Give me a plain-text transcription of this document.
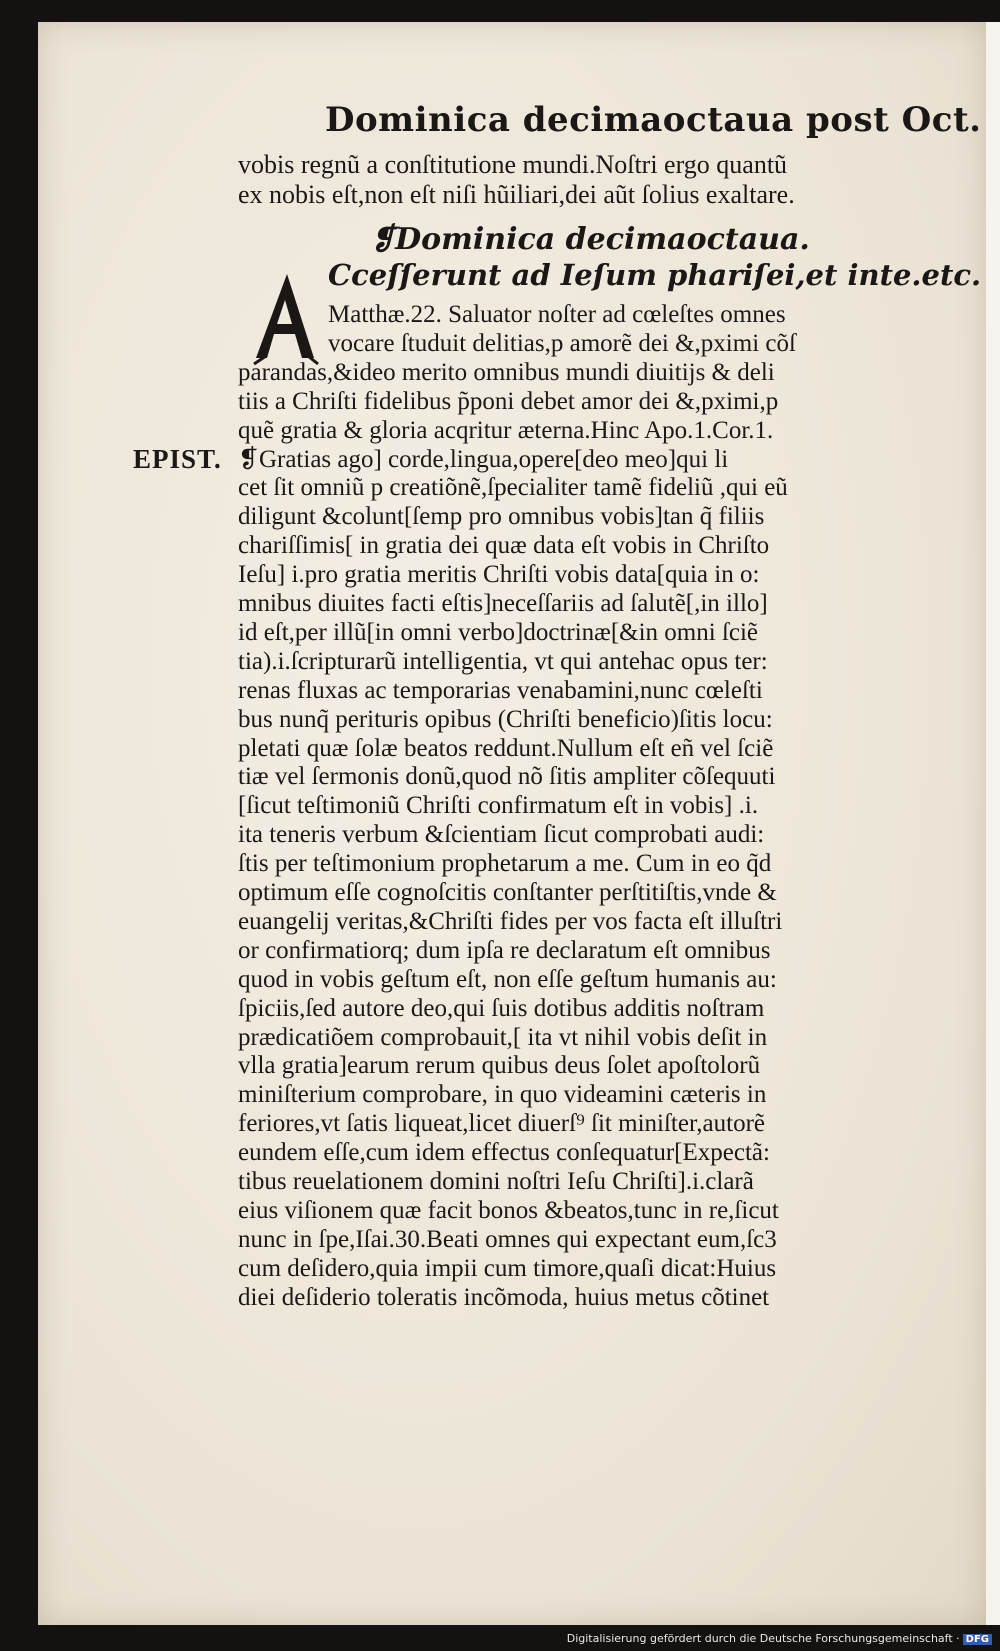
Dominica decimaoctaua post Oct.
vobis regnũ a conſtitutione mundi.Noſtri ergo quantũ
ex nobis eſt,non eſt niſi hũiliari,dei aũt ſolius exaltare.
❡Dominica decimaoctaua.
Cceſſerunt ad Ieſum phariſei,et inte.etc.
A
EPIST.
Matthæ.22. Saluator noſter ad cœleſtes omnes
vocare ſtuduit delitias,p amorẽ dei &,pximi cõſ
parandas,&ideo merito omnibus mundi diuitijs & deli
tiis a Chriſti fidelibus p̃poni debet amor dei &,pximi,p
quẽ gratia & gloria acqritur æterna.Hinc Apo.1.Cor.1.
❡Gratias ago] corde,lingua,opere[deo meo]qui li
cet ſit omniũ p creatiõnẽ,ſpecialiter tamẽ fideliũ ,qui eũ
diligunt &colunt[ſemp pro omnibus vobis]tan q̃ filiis
chariſſimis[ in gratia dei quæ data eſt vobis in Chriſto
Ieſu] i.pro gratia meritis Chriſti vobis data[quia in o:
mnibus diuites facti eſtis]neceſſariis ad ſalutẽ[,in illo]
id eſt,per illũ[in omni verbo]doctrinæ[&in omni ſciẽ
tia).i.ſcripturarũ intelligentia, vt qui antehac opus ter:
renas fluxas ac temporarias venabamini,nunc cœleſti
bus nunq̃ perituris opibus (Chriſti beneficio)ſitis locu:
pletati quæ ſolæ beatos reddunt.Nullum eſt eñ vel ſciẽ
tiæ vel ſermonis donũ,quod nõ ſitis ampliter cõſequuti
[ſicut teſtimoniũ Chriſti confirmatum eſt in vobis] .i.
ita teneris verbum &ſcientiam ſicut comprobati audi:
ſtis per teſtimonium prophetarum a me. Cum in eo q̃d
optimum eſſe cognoſcitis conſtanter perſtitiſtis,vnde &
euangelij veritas,&Chriſti fides per vos facta eſt illuſtri
or confirmatiorq; dum ipſa re declaratum eſt omnibus
quod in vobis geſtum eſt, non eſſe geſtum humanis au:
ſpiciis,ſed autore deo,qui ſuis dotibus additis noſtram
prædicatiõem comprobauit,[ ita vt nihil vobis deſit in
vlla gratia]earum rerum quibus deus ſolet apoſtolorũ
miniſterium comprobare, in quo videamini cæteris in
feriores,vt ſatis liqueat,licet diuerſ⁹ ſit miniſter,autorẽ
eundem eſſe,cum idem effectus conſequatur[Expectã:
tibus reuelationem domini noſtri Ieſu Chriſti].i.clarã
eius viſionem quæ facit bonos &beatos,tunc in re,ſicut
nunc in ſpe,Iſai.30.Beati omnes qui expectant eum,ſc3
cum deſidero,quia impii cum timore,quaſi dicat:Huius
diei deſiderio toleratis incõmoda, huius metus cõtinet
Digitalisierung gefördert durch die Deutsche Forschungsgemeinschaft · DFG
